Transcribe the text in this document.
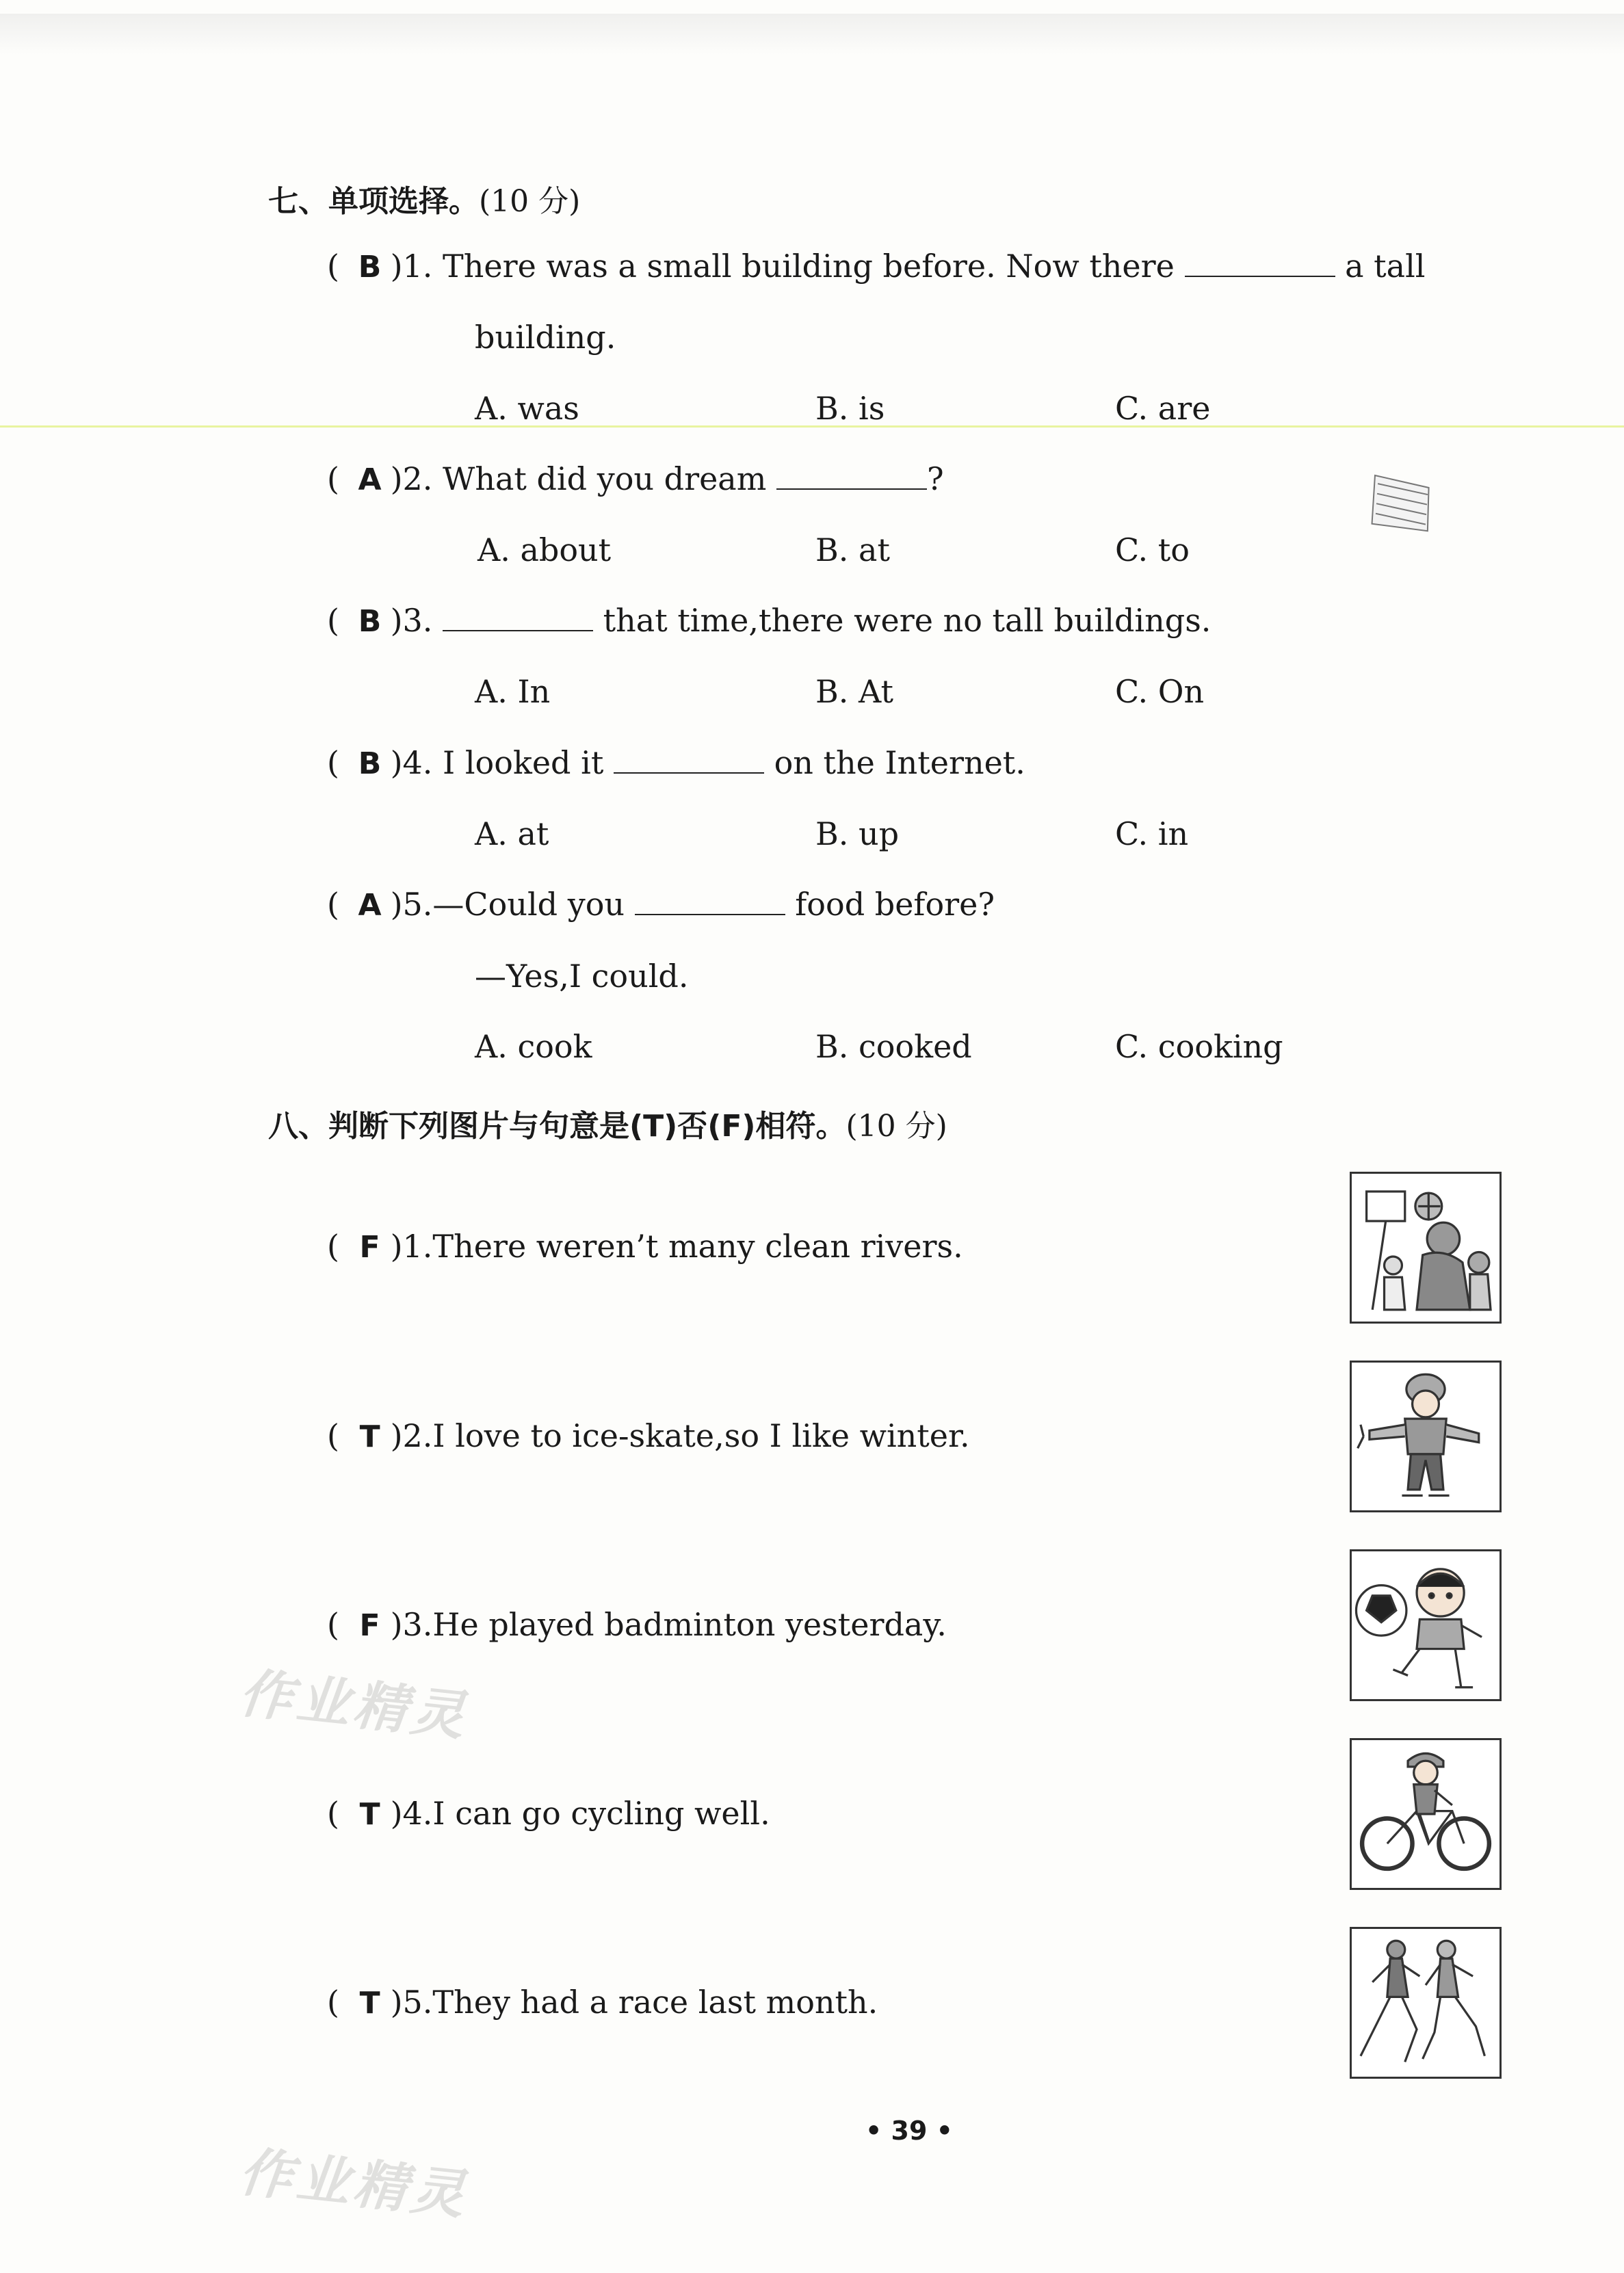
七、单项选择。(10 分)
( B )1. There was a small building before. Now there	a tall
building.
A. was	B. is	C. are
( A )2. What did you dream	?
A. about	B. at	C. to
( B )3.	that time,there were no tall buildings.
A. In	B. At	C. On
( B )4. I looked it	on the Internet.
A. at	B. up	C. in
( A )5.—Could you	food before?
—Yes,I could.
A. cook	B. cooked	C. cooking
八、判断下列图片与句意是(T)否(F)相符。(10 分)
( F )1.There weren’t many clean rivers.
( T )2.I love to ice-skate,so I like winter.
( F )3.He played badminton yesterday.
( T )4.I can go cycling well.
( T )5.They had a race last month.
作业精灵
作业精灵
• 39 •
